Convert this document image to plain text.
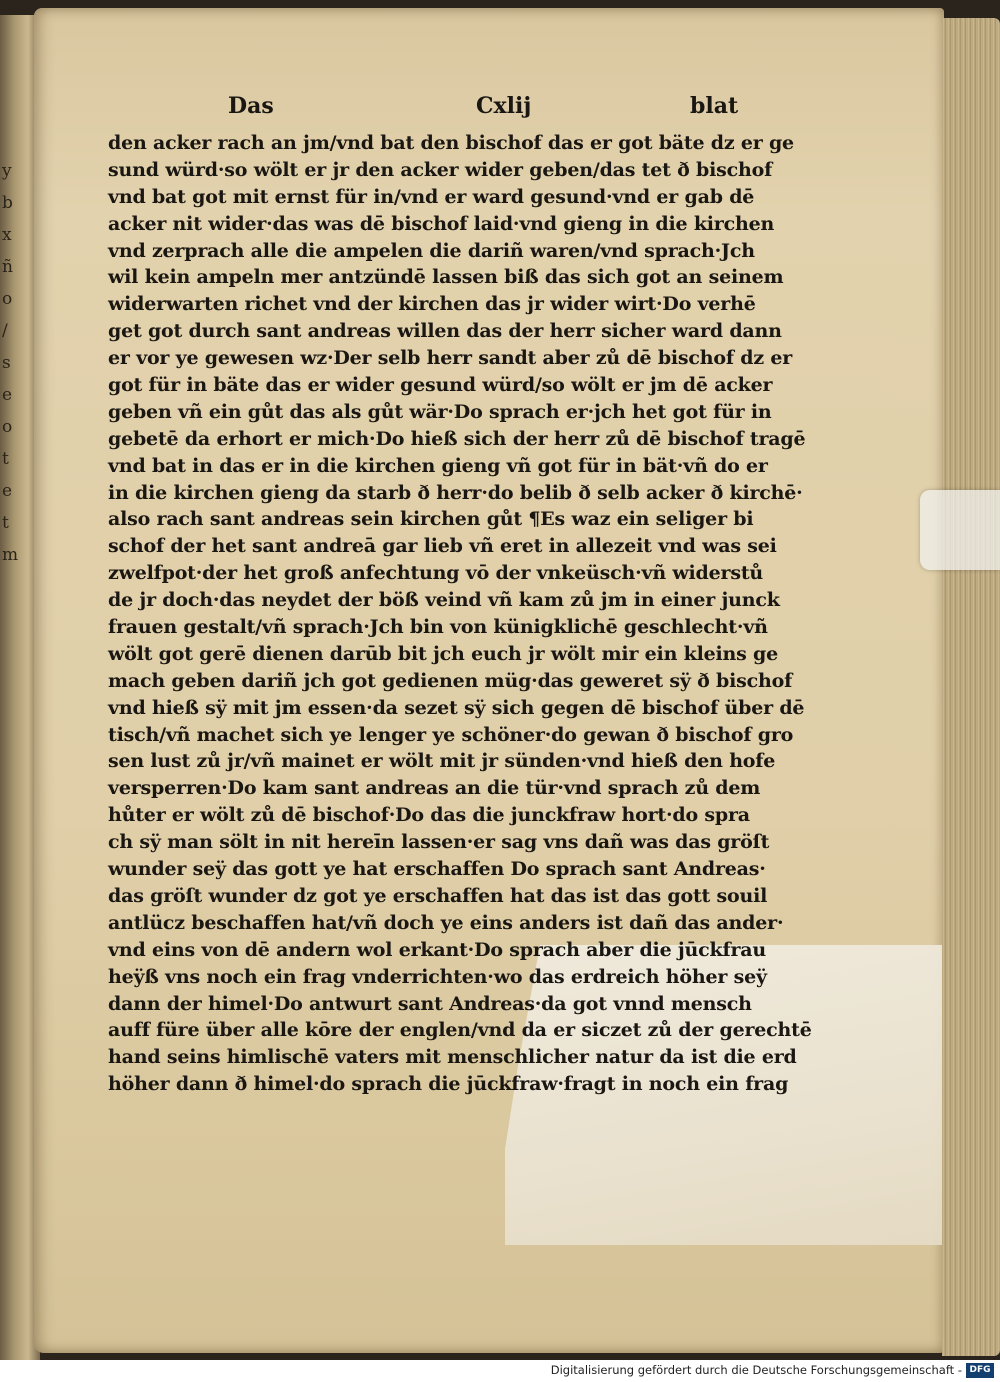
y
b
x
ñ
o
/
s
e
o
t
e
t
m
Das	Cxlij	blat
den acker rach an jm/vnd bat den bischof das er got bäte dz er ge
sund würd·so wölt er jr den acker wider geben/das tet ð bischof
vnd bat got mit ernst für in/vnd er ward gesund·vnd er gab dē
acker nit wider·das was dē bischof laid·vnd gieng in die kirchen
vnd zerprach alle die ampelen die dariñ waren/vnd sprach·Jch
wil kein ampeln mer antzündē lassen biß das sich got an seinem
widerwarten richet vnd der kirchen das jr wider wirt·Do verhē
get got durch sant andreas willen das der herr sicher ward dann
er vor ye gewesen wz·Der selb herr sandt aber zů dē bischof dz er
got für in bäte das er wider gesund würd/so wölt er jm dē acker
geben vñ ein gůt das als gůt wär·Do sprach er·jch het got für in
gebetē da erhort er mich·Do hieß sich der herr zů dē bischof tragē
vnd bat in das er in die kirchen gieng vñ got für in bät·vñ do er
in die kirchen gieng da starb ð herr·do belib ð selb acker ð kirchē·
also rach sant andreas sein kirchen gůt ¶Es waz ein seliger bi
schof der het sant andreā gar lieb vñ eret in allezeit vnd was sei
zwelfpot·der het groß anfechtung vō der vnkeüsch·vñ widerstů
de jr doch·das neydet der böß veind vñ kam zů jm in einer junck
frauen gestalt/vñ sprach·Jch bin von künigklichē geschlecht·vñ
wölt got gerē dienen darūb bit jch euch jr wölt mir ein kleins ge
mach geben dariñ jch got gedienen müg·das geweret sÿ ð bischof
vnd hieß sÿ mit jm essen·da sezet sÿ sich gegen dē bischof über dē
tisch/vñ machet sich ye lenger ye schöner·do gewan ð bischof gro
sen lust zů jr/vñ mainet er wölt mit jr sünden·vnd hieß den hofe
versperren·Do kam sant andreas an die tür·vnd sprach zů dem
hůter er wölt zů dē bischof·Do das die junckfraw hort·do spra
ch sÿ man sölt in nit hereīn lassen·er sag vns dañ was das gröſt
wunder seÿ das gott ye hat erschaffen Do sprach sant Andreas·
das gröſt wunder dz got ye erschaffen hat das ist das gott souil
antlücz beschaffen hat/vñ doch ye eins anders ist dañ das ander·
vnd eins von dē andern wol erkant·Do sprach aber die jūckfrau
heÿß vns noch ein frag vnderrichten·wo das erdreich höher seÿ
dann der himel·Do antwurt sant Andreas·da got vnnd mensch
auff füre über alle kōre der englen/vnd da er siczet zů der gerechtē
hand seins himlischē vaters mit menschlicher natur da ist die erd
höher dann ð himel·do sprach die jūckfraw·fragt in noch ein frag
Digitalisierung gefördert durch die Deutsche Forschungsgemeinschaft - DFG
